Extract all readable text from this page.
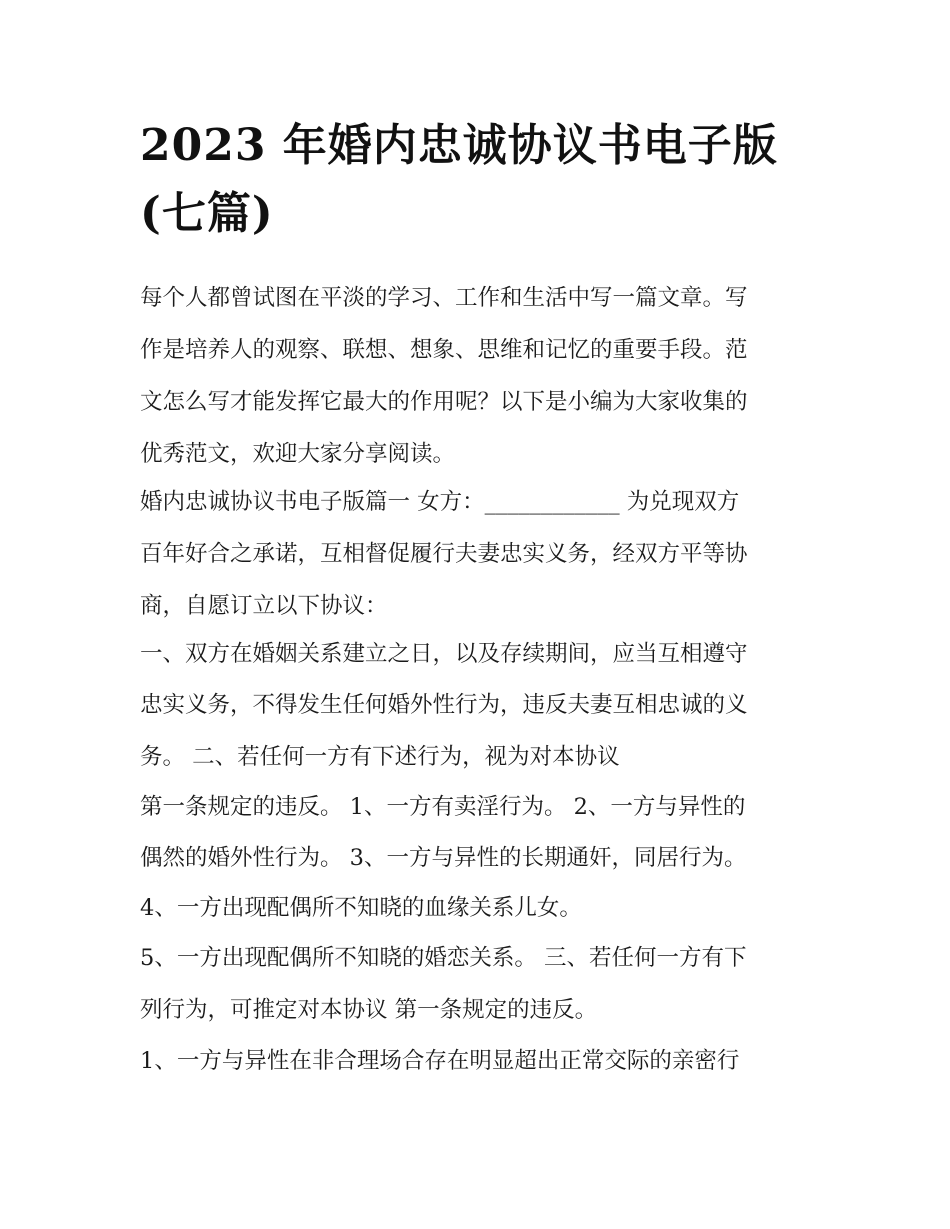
2023 年婚内忠诚协议书电子版
(七篇)
每个人都曾试图在平淡的学习、工作和生活中写一篇文章。写
作是培养人的观察、联想、想象、思维和记忆的重要手段。范
文怎么写才能发挥它最大的作用呢？以下是小编为大家收集的
优秀范文，欢迎大家分享阅读。
婚内忠诚协议书电子版篇一 女方：____________ 为兑现双方
百年好合之承诺，互相督促履行夫妻忠实义务，经双方平等协
商，自愿订立以下协议：
一、双方在婚姻关系建立之日，以及存续期间，应当互相遵守
忠实义务，不得发生任何婚外性行为，违反夫妻互相忠诚的义
务。 二、若任何一方有下述行为，视为对本协议
第一条规定的违反。 1、一方有卖淫行为。 2、一方与异性的
偶然的婚外性行为。 3、一方与异性的长期通奸，同居行为。
4、一方出现配偶所不知晓的血缘关系儿女。
5、一方出现配偶所不知晓的婚恋关系。 三、若任何一方有下
列行为，可推定对本协议 第一条规定的违反。
1、一方与异性在非合理场合存在明显超出正常交际的亲密行
